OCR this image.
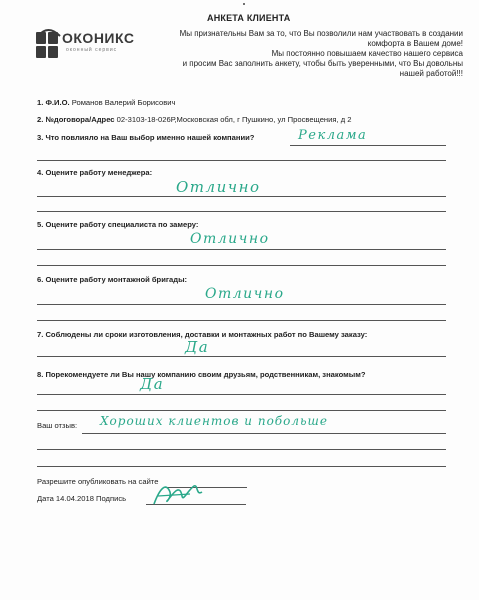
ОКОНИКС
оконный сервис
АНКЕТА КЛИЕНТА
Мы признательны Вам за то, что Вы позволили нам участвовать в создании
комфорта в Вашем доме!
Мы постоянно повышаем качество нашего сервиса
и просим Вас заполнить анкету, чтобы быть уверенными, что Вы довольны
нашей работой!!!
1. Ф.И.О. Романов Валерий Борисович
2. №договора/Адрес 02-3103-18-026Р,Московская обл, г Пушкино, ул Просвещения, д 2
3. Что повлияло на Ваш выбор именно нашей компании?	Реклама
4. Оцените работу менеджера:
Отлично
5. Оцените работу специалиста по замеру:
Отлично
6. Оцените работу монтажной бригады:
Отлично
7. Соблюдены ли сроки изготовления, доставки и монтажных работ по Вашему заказу:
Да
8. Порекомендуете ли Вы нашу компанию своим друзьям, родственникам, знакомым?
Да
Ваш отзыв: Хороших клиентов и побольше
Разрешите опубликовать на сайте
Дата 14.04.2018 Подпись
